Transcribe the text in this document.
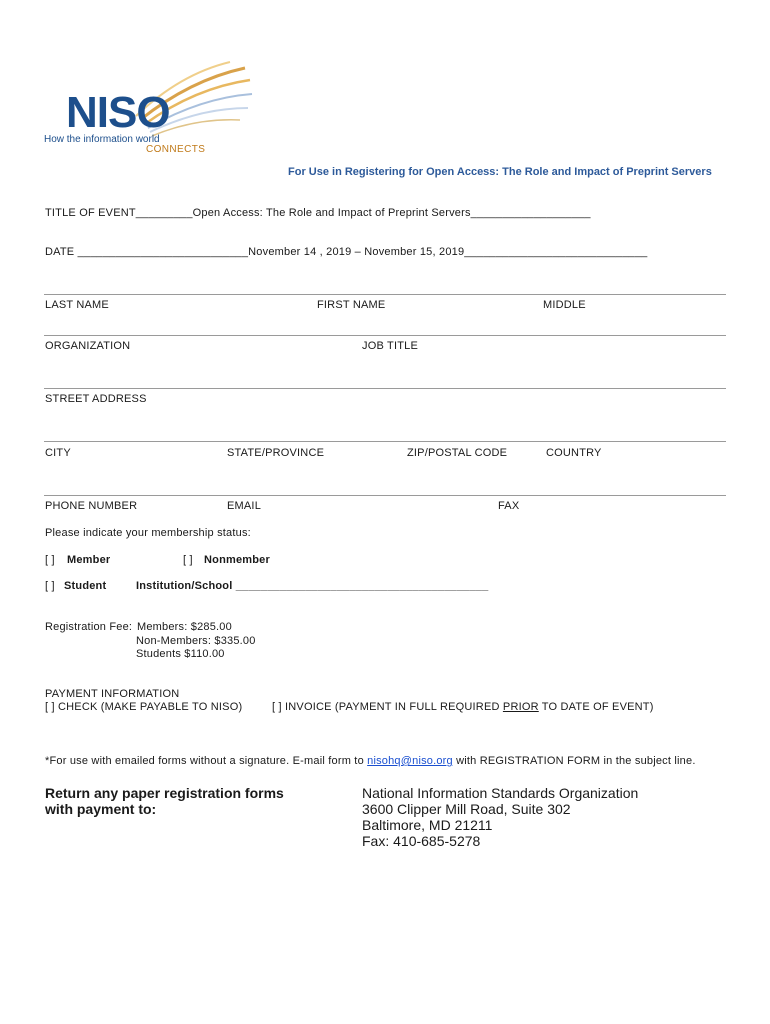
NISO
How the information world
CONNECTS
For Use in Registering for Open Access: The Role and Impact of Preprint Servers
TITLE OF EVENT_________Open Access: The Role and Impact of Preprint Servers___________________
DATE ___________________________November 14 , 2019 – November 15, 2019_____________________________
LAST NAME	FIRST NAME	MIDDLE
ORGANIZATION	JOB TITLE
STREET ADDRESS
CITY	STATE/PROVINCE	ZIP/POSTAL CODE	COUNTRY
PHONE NUMBER	EMAIL	FAX
Please indicate your membership status:
[ ] Member	[ ] Nonmember
[ ] Student	Institution/School ________________________________________
Registration Fee: Members: $285.00
Non-Members: $335.00
Students $110.00
PAYMENT INFORMATION
[ ] CHECK (MAKE PAYABLE TO NISO)	[ ] INVOICE (PAYMENT IN FULL REQUIRED PRIOR TO DATE OF EVENT)
*For use with emailed forms without a signature. E-mail form to nisohq@niso.org with REGISTRATION FORM in the subject line.
Return any paper registration forms
with payment to:
National Information Standards Organization
3600 Clipper Mill Road, Suite 302
Baltimore, MD 21211
Fax: 410-685-5278
